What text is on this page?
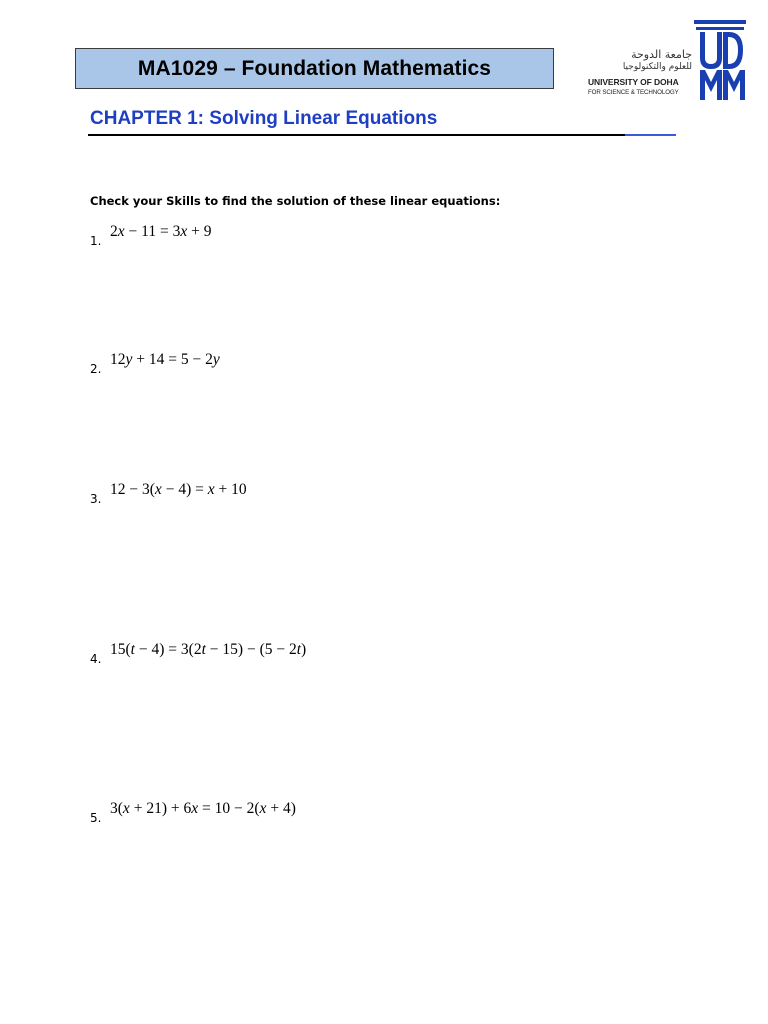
MA1029 – Foundation Mathematics
جامعة الدوحة
للعلوم والتكنولوجيا
UNIVERSITY OF DOHA
FOR SCIENCE & TECHNOLOGY
CHAPTER 1: Solving Linear Equations
Check your Skills to find the solution of these linear equations:
1.
2x − 11 = 3x + 9
2.
12y + 14 = 5 − 2y
3.
12 − 3(x − 4) = x + 10
4.
15(t − 4) = 3(2t − 15) − (5 − 2t)
5.
3(x + 21) + 6x = 10 − 2(x + 4)
